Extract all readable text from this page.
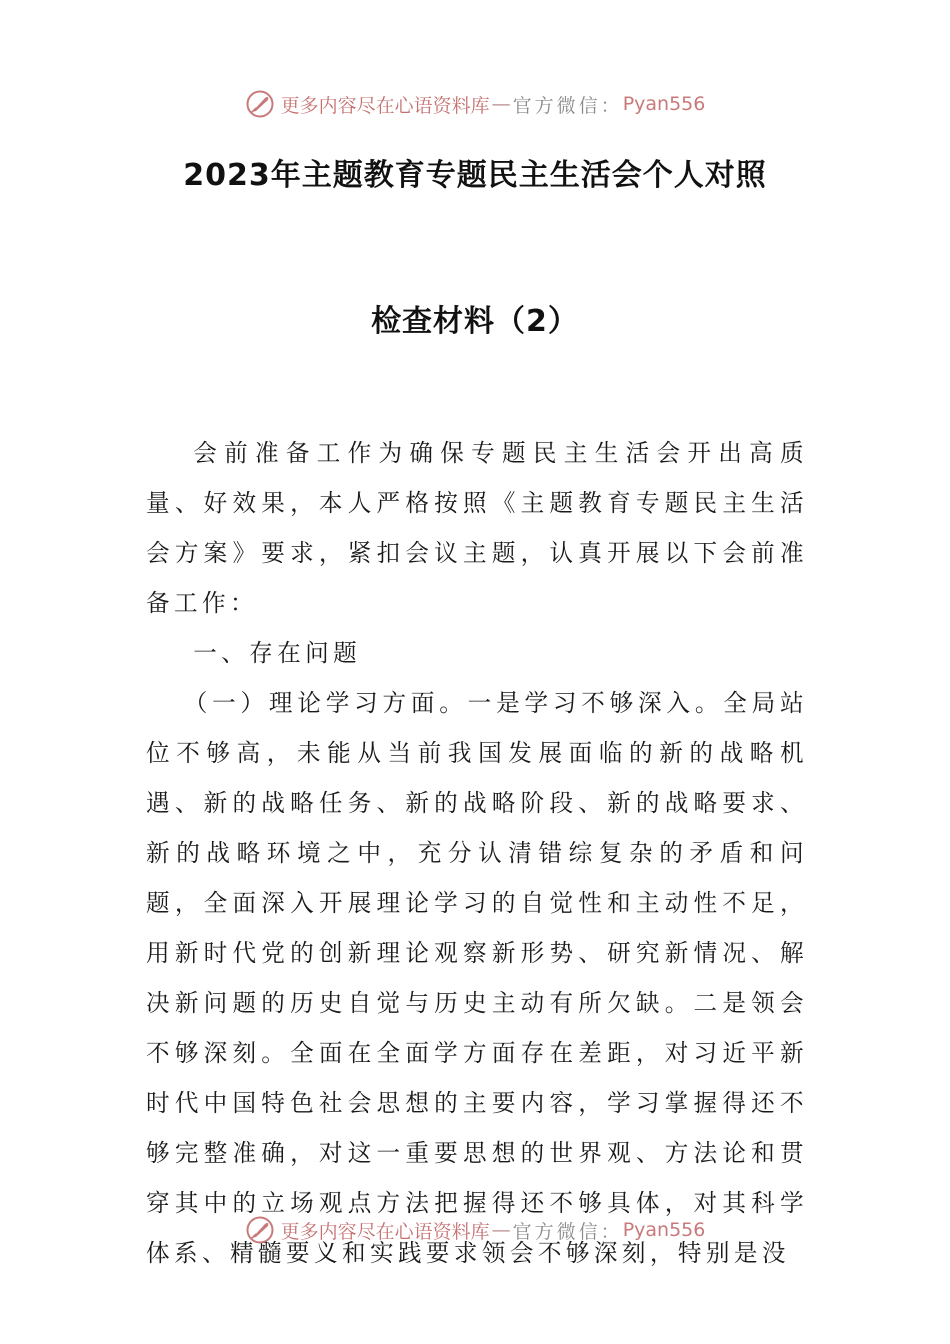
更多内容尽在心语资料库 — 官方微信： Pyan556
2023年主题教育专题民主生活会个人对照
检查材料（2）

会前准备工作为确保专题民主生活会开出高质量、好效果，本人严格按照《主题教育专题民主生活会方案》要求，紧扣会议主题，认真开展以下会前准备工作：

一、存在问题

（一）理论学习方面。一是学习不够深入。全局站位不够高，未能从当前我国发展面临的新的战略机遇、新的战略任务、新的战略阶段、新的战略要求、新的战略环境之中，充分认清错综复杂的矛盾和问题，全面深入开展理论学习的自觉性和主动性不足，用新时代党的创新理论观察新形势、研究新情况、解决新问题的历史自觉与历史主动有所欠缺。二是领会不够深刻。全面在全面学方面存在差距，对习近平新时代中国特色社会思想的主要内容，学习掌握得还不够完整准确，对这一重要思想的世界观、方法论和贯穿其中的立场观点方法把握得还不够具体，对其科学体系、精髓要义和实践要求领会不够深刻，特别是没

更多内容尽在心语资料库 — 官方微信： Pyan556
